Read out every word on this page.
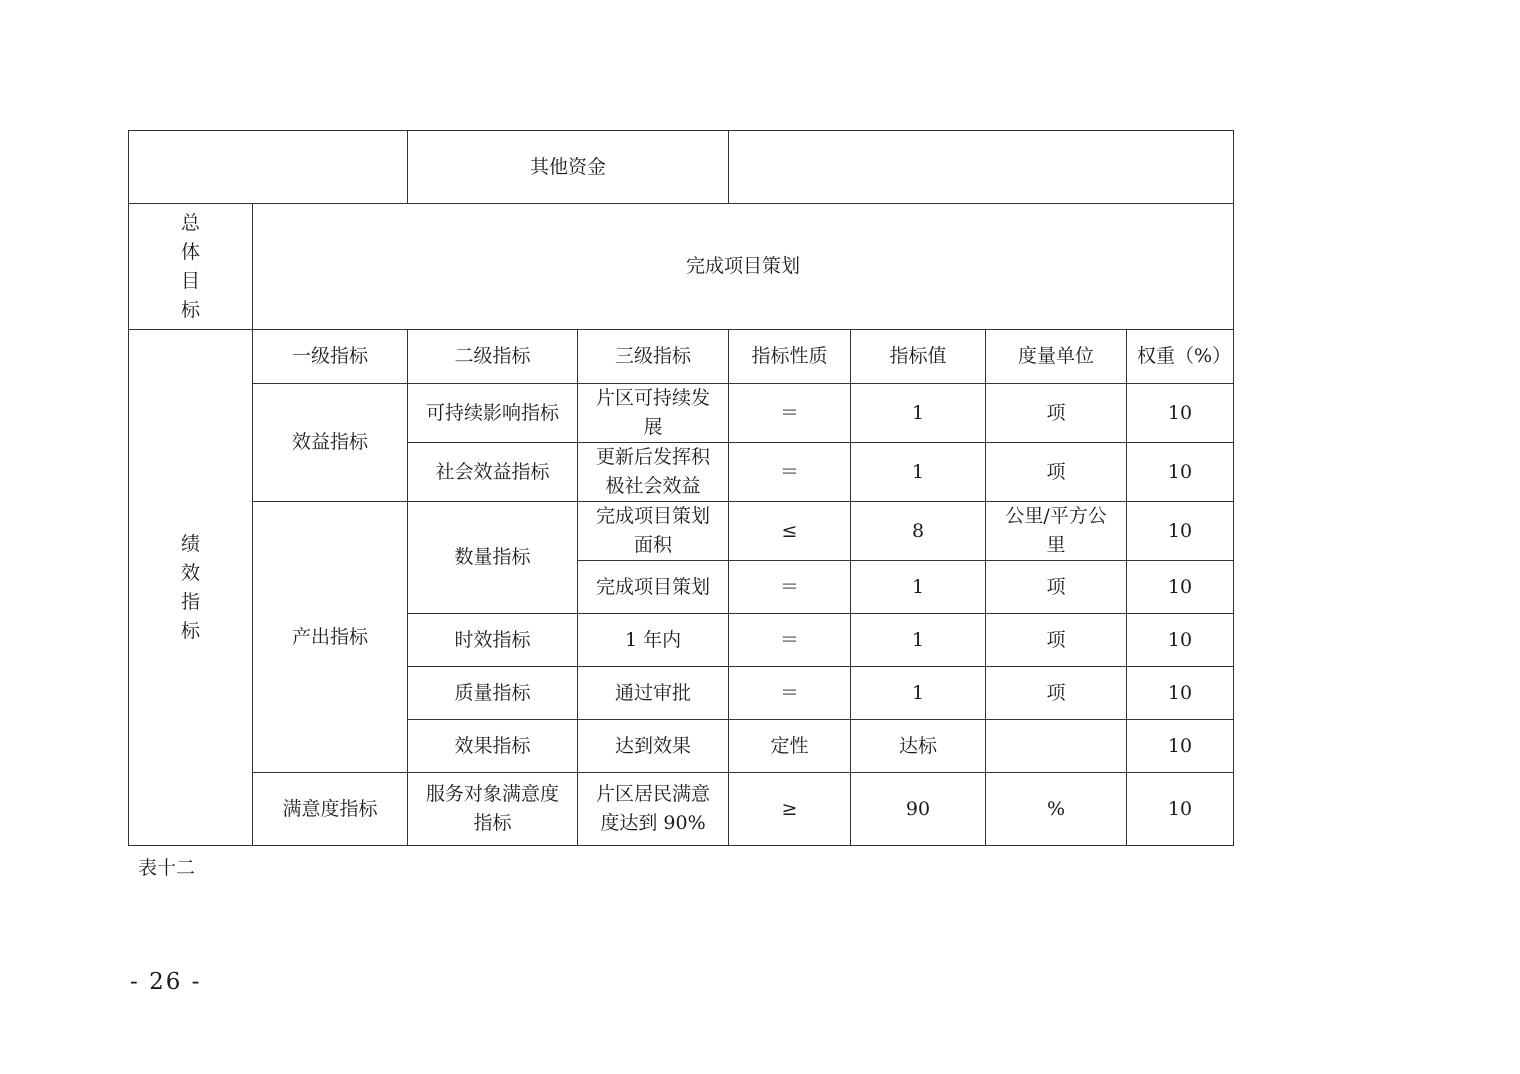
		其他资金					

总
体
目
标	完成项目策划						

绩
效
指
标	一级指标	二级指标	三级指标	指标性质	指标值	度量单位	权重（%）
	效益指标	可持续影响指标	片区可持续发展	＝	1	项	10
		社会效益指标	更新后发挥积极社会效益	＝	1	项	10
	产出指标	数量指标	完成项目策划面积	≤	8	公里/平方公里	10
			完成项目策划	＝	1	项	10
		时效指标	1 年内	＝	1	项	10
		质量指标	通过审批	＝	1	项	10
		效果指标	达到效果	定性	达标		10
	满意度指标	服务对象满意度指标	片区居民满意度达到 90%	≥	90	%	10
表十二
- 26 -
